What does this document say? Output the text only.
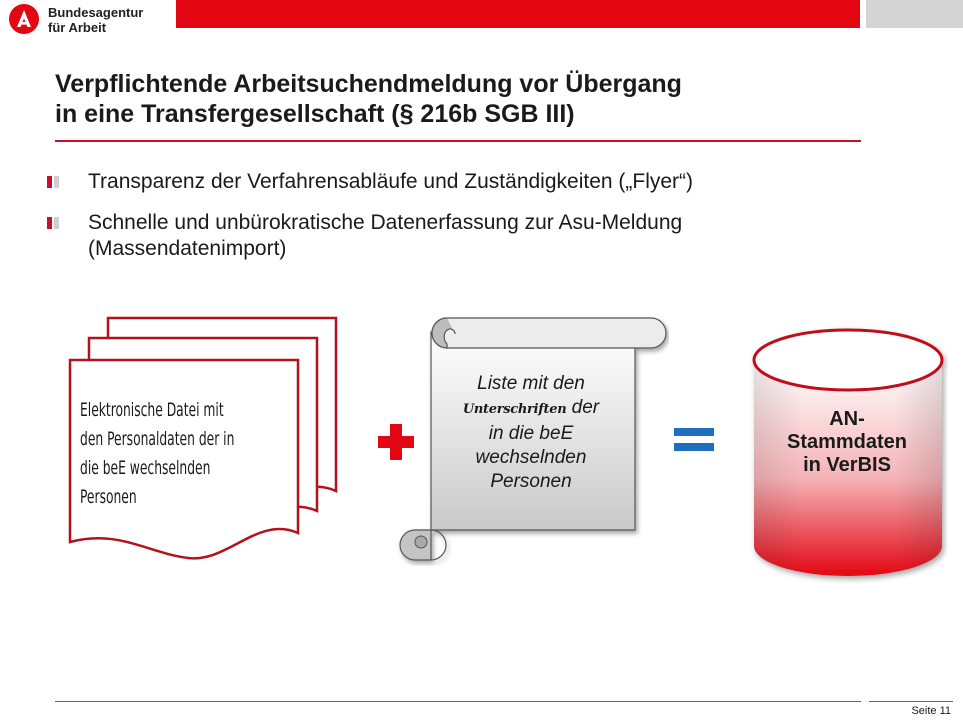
Bundesagentur
für Arbeit
Verpflichtende Arbeitsuchendmeldung vor Übergang
in eine Transfergesellschaft (§ 216b SGB III)
Transparenz der Verfahrensabläufe und Zuständigkeiten („Flyer“)
Schnelle und unbürokratische Datenerfassung zur Asu-Meldung
(Massendatenimport)
Elektronische Datei mit
den Personaldaten der in
die beE wechselnden
Personen
Liste mit den
Unterschriften der
in die beE
wechselnden
Personen
AN-
Stammdaten
in VerBIS
Seite 11
